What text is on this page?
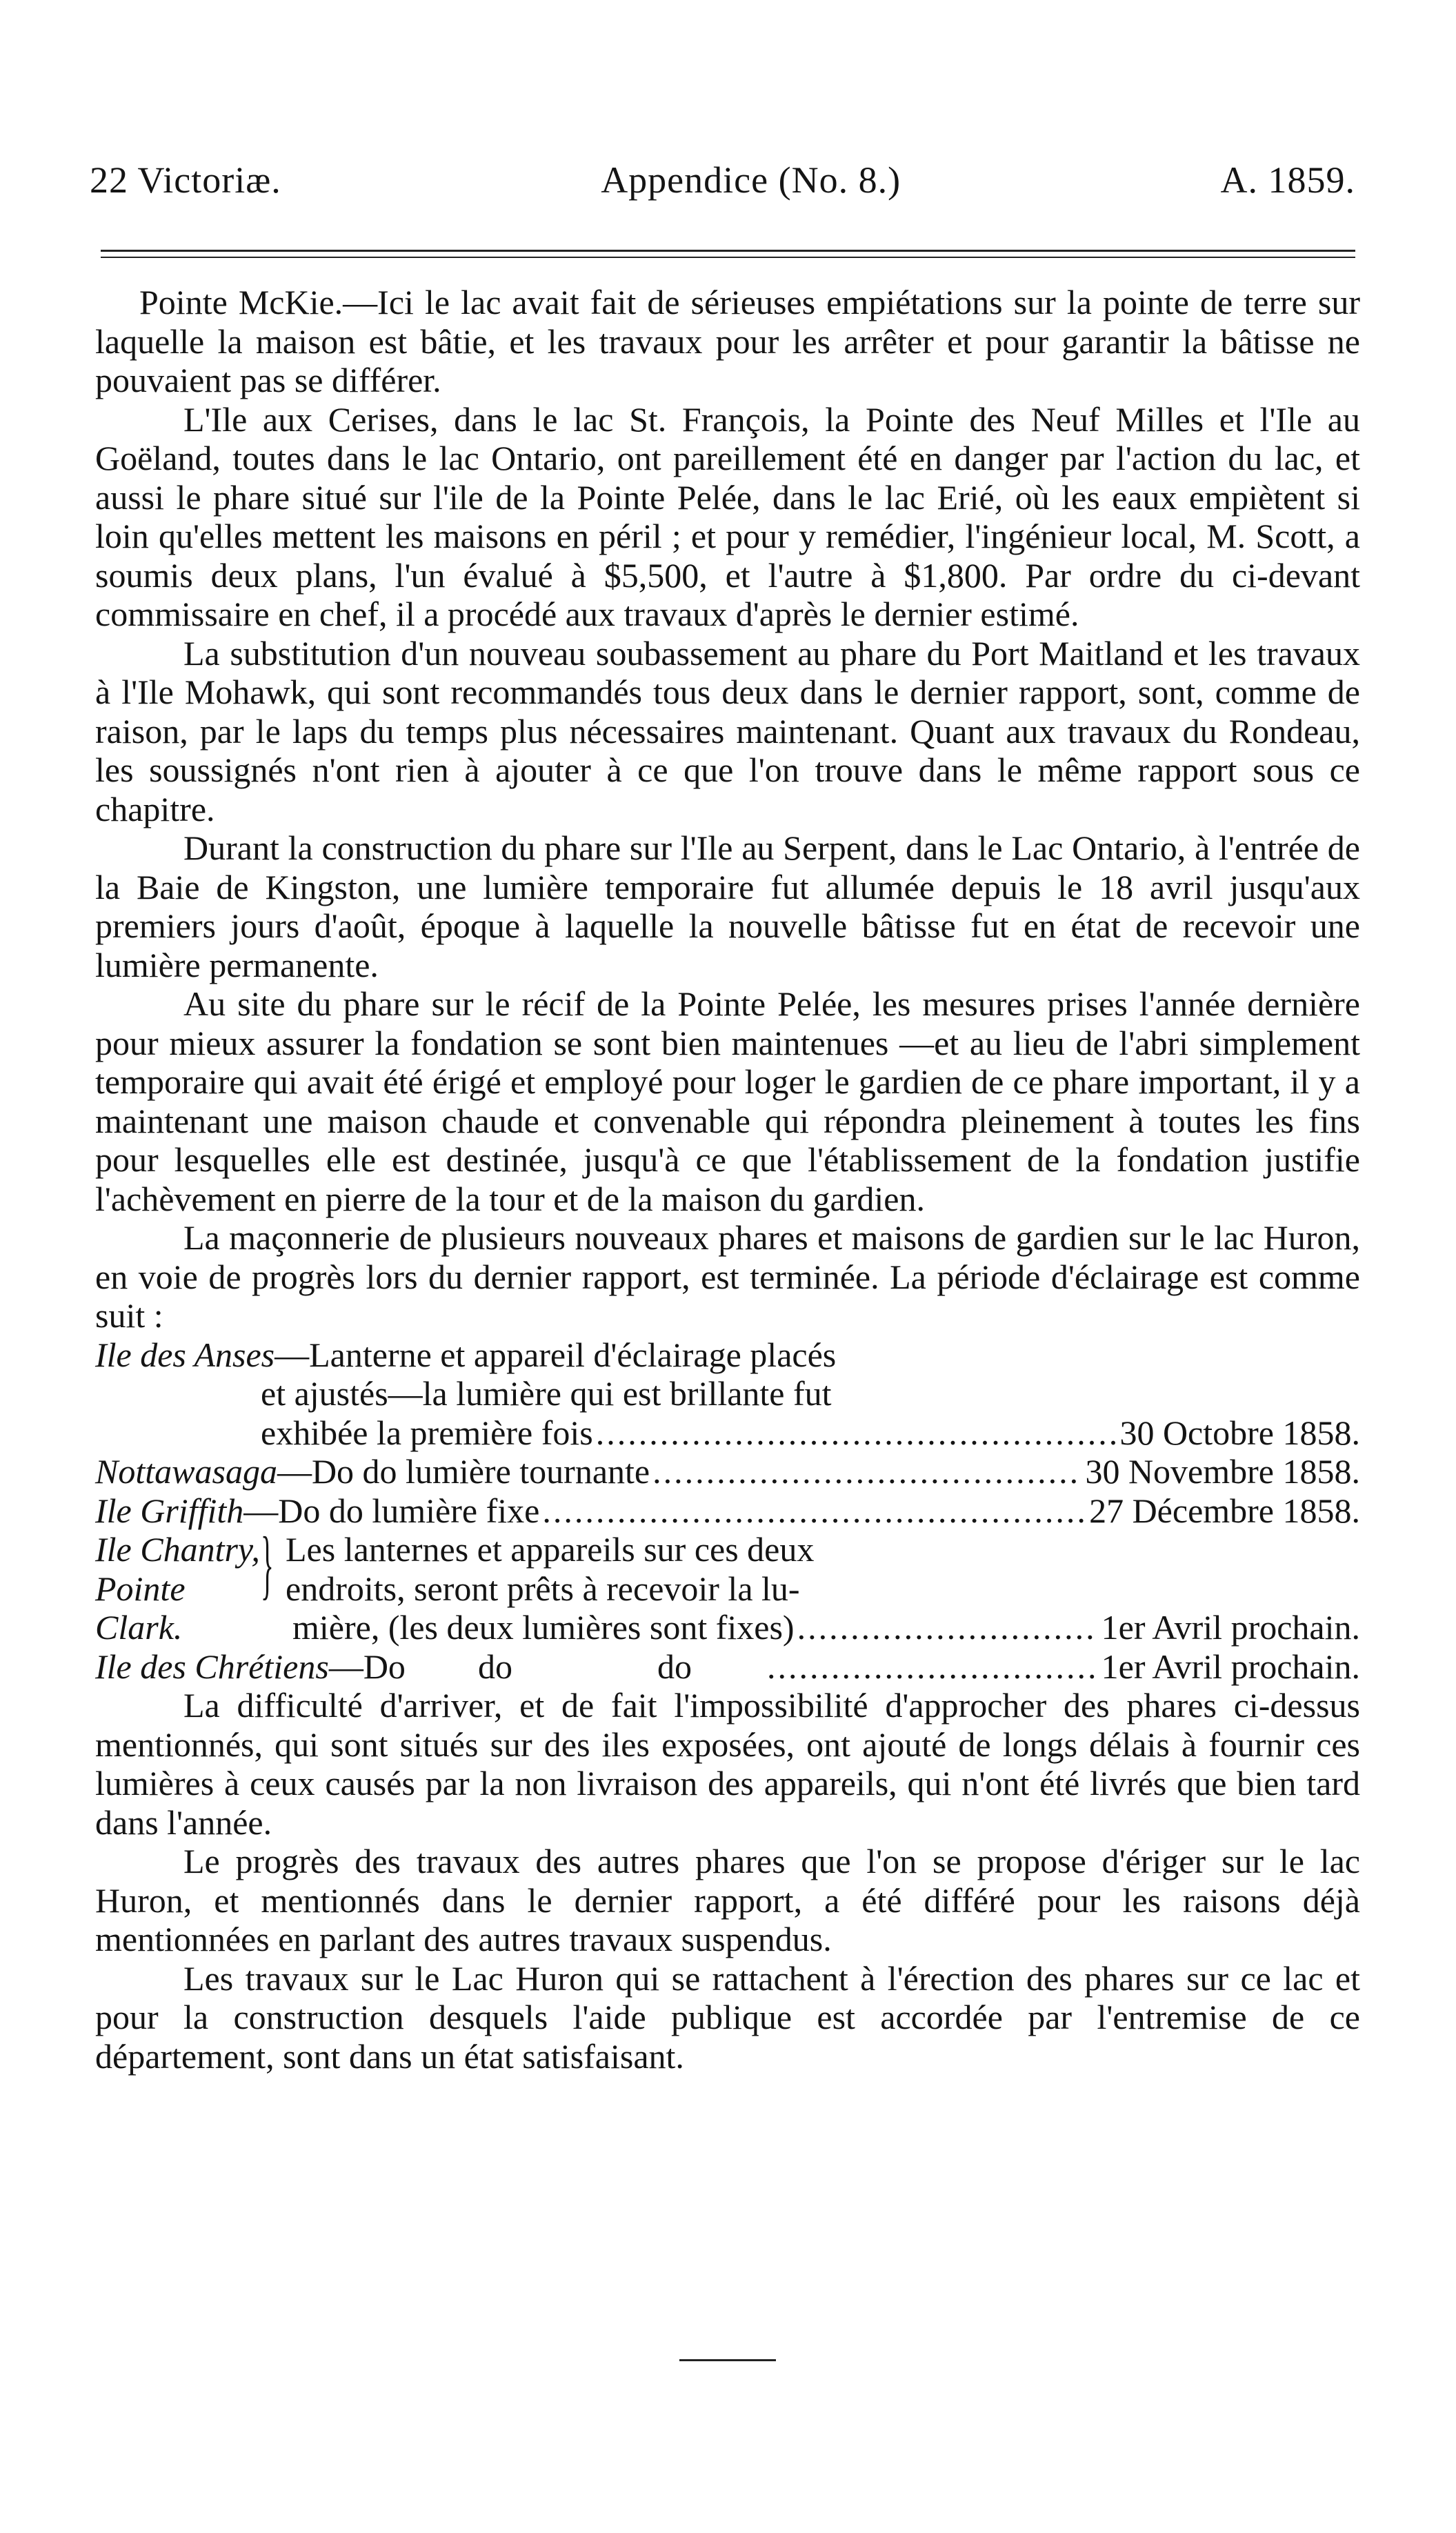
22 Victoriæ.	Appendice (No. 8.)	A. 1859.

Pointe McKie.—Ici le lac avait fait de sérieuses empiétations sur la pointe de terre sur laquelle la maison est bâtie, et les travaux pour les arrêter et pour garantir la bâtisse ne pouvaient pas se différer.

L'Ile aux Cerises, dans le lac St. François, la Pointe des Neuf Milles et l'Ile au Goëland, toutes dans le lac Ontario, ont pareillement été en danger par l'action du lac, et aussi le phare situé sur l'ile de la Pointe Pelée, dans le lac Erié, où les eaux empiètent si loin qu'elles mettent les maisons en péril ; et pour y remédier, l'ingénieur local, M. Scott, a soumis deux plans, l'un évalué à $5,500, et l'autre à $1,800. Par ordre du ci-devant commissaire en chef, il a procédé aux travaux d'après le dernier estimé.

La substitution d'un nouveau soubassement au phare du Port Maitland et les travaux à l'Ile Mohawk, qui sont recommandés tous deux dans le dernier rapport, sont, comme de raison, par le laps du temps plus nécessaires maintenant. Quant aux travaux du Rondeau, les soussignés n'ont rien à ajouter à ce que l'on trouve dans le même rapport sous ce chapitre.

Durant la construction du phare sur l'Ile au Serpent, dans le Lac Ontario, à l'entrée de la Baie de Kingston, une lumière temporaire fut allumée depuis le 18 avril jusqu'aux premiers jours d'août, époque à laquelle la nouvelle bâtisse fut en état de recevoir une lumière permanente.

Au site du phare sur le récif de la Pointe Pelée, les mesures prises l'année dernière pour mieux assurer la fondation se sont bien maintenues —et au lieu de l'abri simplement temporaire qui avait été érigé et employé pour loger le gardien de ce phare important, il y a maintenant une maison chaude et convenable qui répondra pleinement à toutes les fins pour lesquelles elle est destinée, jusqu'à ce que l'établissement de la fondation justifie l'achèvement en pierre de la tour et de la maison du gardien.

La maçonnerie de plusieurs nouveaux phares et maisons de gardien sur le lac Huron, en voie de progrès lors du dernier rapport, est terminée. La période d'éclairage est comme suit :

Ile des Anses —Lanterne et appareil d'éclairage placés
et ajustés—la lumière qui est brillante fut
exhibée la première fois .....	30 Octobre 1858.
Nottawasaga —Do do lumière tournante .....	30 Novembre 1858.
Ile Griffith —Do do lumière fixe .....	27 Décembre 1858.
Ile Chantry,
Pointe Clark.
} Les lanternes et appareils sur ces deux
endroits, seront prêts à recevoir la lu-
mière, (les deux lumières sont fixes) .....	1er Avril prochain.
Ile des Chrétiens —Do	do	do .....	1er Avril prochain.

La difficulté d'arriver, et de fait l'impossibilité d'approcher des phares ci-dessus mentionnés, qui sont situés sur des iles exposées, ont ajouté de longs délais à fournir ces lumières à ceux causés par la non livraison des appareils, qui n'ont été livrés que bien tard dans l'année.

Le progrès des travaux des autres phares que l'on se propose d'ériger sur le lac Huron, et mentionnés dans le dernier rapport, a été différé pour les raisons déjà mentionnées en parlant des autres travaux suspendus.

Les travaux sur le Lac Huron qui se rattachent à l'érection des phares sur ce lac et pour la construction desquels l'aide publique est accordée par l'entremise de ce département, sont dans un état satisfaisant.
